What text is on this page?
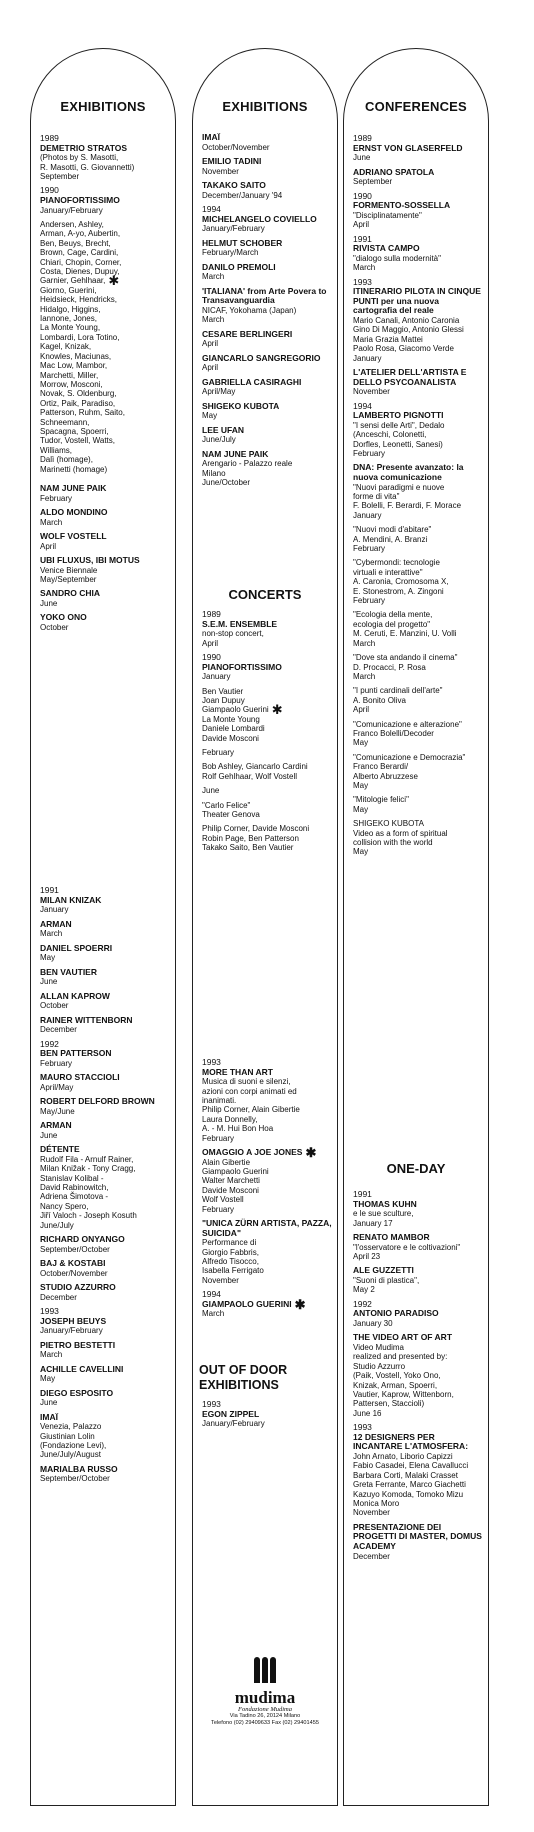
EXHIBITIONS
1989
DEMETRIO STRATOS
(Photos by S. Masotti,
R. Masotti, G. Giovannetti)
September
1990
PIANOFORTISSIMO
January/February
Andersen, Ashley,
Arman, A-yo, Aubertin,
Ben, Beuys, Brecht,
Brown, Cage, Cardini,
Chiari, Chopin, Corner,
Costa, Dienes, Dupuy,
Garnier, Gehlhaar, ✱
Giorno, Guerini,
Heidsieck, Hendricks,
Hidalgo, Higgins,
Iannone, Jones,
La Monte Young,
Lombardi, Lora Totino,
Kagel, Knizak,
Knowles, Maciunas,
Mac Low, Mambor,
Marchetti, Miller,
Morrow, Mosconi,
Novak, S. Oldenburg,
Ortiz, Paik, Paradiso,
Patterson, Ruhm, Saito,
Schneemann,
Spacagna, Spoerri,
Tudor, Vostell, Watts,
Williams,
Dalì (homage),
Marinetti (homage)
NAM JUNE PAIK
February
ALDO MONDINO
March
WOLF VOSTELL
April
UBI FLUXUS, IBI MOTUS
Venice Biennale
May/September
SANDRO CHIA
June
YOKO ONO
October
1991
MILAN KNIZAK
January
ARMAN
March
DANIEL SPOERRI
May
BEN VAUTIER
June
ALLAN KAPROW
October
RAINER WITTENBORN
December
1992
BEN PATTERSON
February
MAURO STACCIOLI
April/May
ROBERT DELFORD BROWN
May/June
ARMAN
June
DÉTENTE
Rudolf Fila - Arnulf Rainer,
Milan Knižak - Tony Cragg,
Stanislav Kolibal -
David Rabinowitch,
Adriena Šimotova -
Nancy Spero,
Jiří Valoch - Joseph Kosuth
June/July
RICHARD ONYANGO
September/October
BAJ & KOSTABI
October/November
STUDIO AZZURRO
December
1993
JOSEPH BEUYS
January/February
PIETRO BESTETTI
March
ACHILLE CAVELLINI
May
DIEGO ESPOSITO
June
IMAÏ
Venezia, Palazzo
Giustinian Lolin
(Fondazione Levi),
June/July/August
MARIALBA RUSSO
September/October
EXHIBITIONS
IMAÏ
October/November
EMILIO TADINI
November
TAKAKO SAITO
December/January '94
1994
MICHELANGELO COVIELLO
January/February
HELMUT SCHOBER
February/March
DANILO PREMOLI
March
'ITALIANA' from Arte Povera to Transavanguardia
NICAF, Yokohama (Japan)
March
CESARE BERLINGERI
April
GIANCARLO SANGREGORIO
April
GABRIELLA CASIRAGHI
April/May
SHIGEKO KUBOTA
May
LEE UFAN
June/July
NAM JUNE PAIK
Arengario - Palazzo reale
Milano
June/October
CONCERTS
1989
S.E.M. ENSEMBLE
non-stop concert,
April
1990
PIANOFORTISSIMO
January
Ben Vautier
Joan Dupuy
Giampaolo Guerini ✱
La Monte Young
Daniele Lombardi
Davide Mosconi
February
Bob Ashley, Giancarlo Cardini
Rolf Gehlhaar, Wolf Vostell
June
"Carlo Felice"
Theater Genova
Philip Corner, Davide Mosconi
Robin Page, Ben Patterson
Takako Saito, Ben Vautier
1993
MORE THAN ART
Musica di suoni e silenzi,
azioni con corpi animati ed
inanimati.
Philip Corner, Alain Gibertie
Laura Donnelly,
A. - M. Hui Bon Hoa
February
OMAGGIO A JOE JONES ✱
Alain Gibertie
Giampaolo Guerini
Walter Marchetti
Davide Mosconi
Wolf Vostell
February
"UNICA ZÜRN ARTISTA, PAZZA, SUICIDA"
Performance di
Giorgio Fabbris,
Alfredo Tisocco,
Isabella Ferrigato
November
1994
GIAMPAOLO GUERINI ✱
March
OUT OF DOOR EXHIBITIONS
1993
EGON ZIPPEL
January/February
mudima
Fondazione Mudima
Via Tadino 26, 20124 Milano
Telefono (02) 29409633 Fax (02) 29401455
CONFERENCES
1989
ERNST VON GLASERFELD
June
ADRIANO SPATOLA
September
1990
FORMENTO-SOSSELLA
"Disciplinatamente"
April
1991
RIVISTA CAMPO
"dialogo sulla modernità"
March
1993
ITINERARIO PILOTA IN CINQUE PUNTI per una nuova cartografia del reale
Mario Canali, Antonio Caronia
Gino Di Maggio, Antonio Glessi
Maria Grazia Mattei
Paolo Rosa, Giacomo Verde
January
L'ATELIER DELL'ARTISTA E DELLO PSYCOANALISTA
November
1994
LAMBERTO PIGNOTTI
"I sensi delle Arti", Dedalo
(Anceschi, Colonetti,
Dorfles, Leonetti, Sanesi)
February
DNA: Presente avanzato: la nuova comunicazione
"Nuovi paradigmi e nuove
forme di vita"
F. Bolelli, F. Berardi, F. Morace
January
"Nuovi modi d'abitare"
A. Mendini, A. Branzi
February
"Cybermondi: tecnologie
virtuali e interattive"
A. Caronia, Cromosoma X,
E. Stonestrom, A. Zingoni
February
"Ecologia della mente,
ecologia del progetto"
M. Ceruti, E. Manzini, U. Volli
March
"Dove sta andando il cinema"
D. Procacci, P. Rosa
March
"I punti cardinali dell'arte"
A. Bonito Oliva
April
"Comunicazione e alterazione"
Franco Bolelli/Decoder
May
"Comunicazione e Democrazia"
Franco Berardi/
Alberto Abruzzese
May
"Mitologie felici"
May
SHIGEKO KUBOTA
Video as a form of spiritual
collision with the world
May
ONE-DAY
1991
THOMAS KUHN
e le sue sculture,
January 17
RENATO MAMBOR
"l'osservatore e le coltivazioni"
April 23
ALE GUZZETTI
"Suoni di plastica",
May 2
1992
ANTONIO PARADISO
January 30
THE VIDEO ART OF ART
Video Mudima
realized and presented by:
Studio Azzurro
(Paik, Vostell, Yoko Ono,
Knizak, Arman, Spoerri,
Vautier, Kaprow, Wittenborn,
Pattersen, Staccioli)
June 16
1993
12 DESIGNERS PER INCANTARE L'ATMOSFERA:
John Arnato, Liborio Capizzi
Fabio Casadei, Elena Cavallucci
Barbara Corti, Malaki Crasset
Greta Ferrante, Marco Giachetti
Kazuyo Komoda, Tomoko Mizu
Monica Moro
November
PRESENTAZIONE DEI PROGETTI DI MASTER, DOMUS ACADEMY
December
